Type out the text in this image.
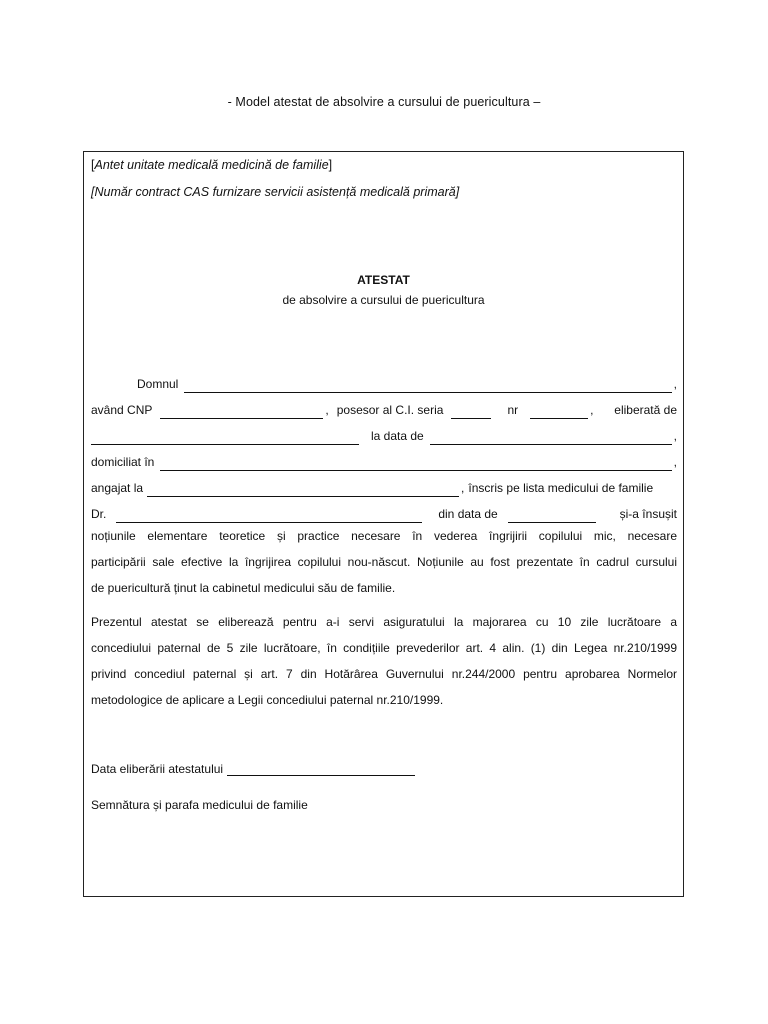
- Model atestat de absolvire a cursului de puericultura –
[Antet unitate medicală medicină de familie]
[Număr contract CAS furnizare servicii asistență medicală primară]
ATESTAT
de absolvire a cursului de puericultura
Domnul	,
având CNP	, posesor al C.I. seria	nr	, eliberată de
la data de	,
domiciliat în	,
angajat la	, înscris pe lista medicului de familie
Dr.	din data de	și-a însușit
noțiunile elementare teoretice și practice necesare în vederea îngrijirii copilului mic, necesare
participării sale efective la îngrijirea copilului nou-născut. Noțiunile au fost prezentate în cadrul cursului
de puericultură ținut la cabinetul medicului său de familie.
Prezentul atestat se eliberează pentru a-i servi asiguratului la majorarea cu 10 zile lucrătoare a
concediului paternal de 5 zile lucrătoare, în condițiile prevederilor art. 4 alin. (1) din Legea nr.210/1999
privind concediul paternal și art. 7 din Hotărârea Guvernului nr.244/2000 pentru aprobarea Normelor
metodologice de aplicare a Legii concediului paternal nr.210/1999.
Data eliberării atestatului
Semnătura și parafa medicului de familie
